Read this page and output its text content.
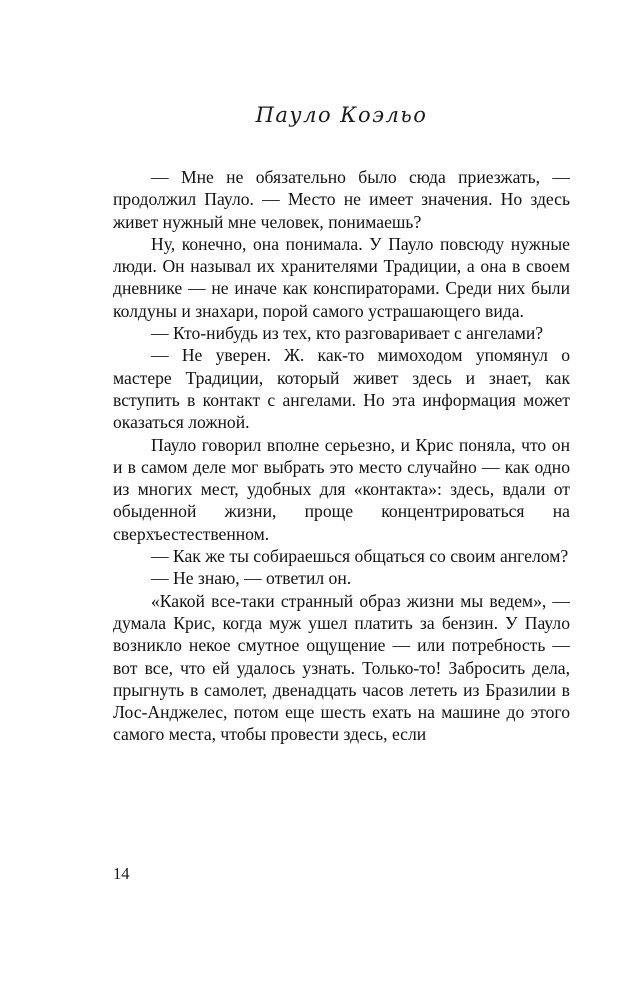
Пауло Коэльо

— Мне не обязательно было сюда приезжать, — продолжил Пауло. — Место не имеет значения. Но здесь живет нужный мне человек, понимаешь?

Ну, конечно, она понимала. У Пауло повсюду нужные люди. Он называл их хранителями Традиции, а она в своем дневнике — не иначе как конспираторами. Среди них были колдуны и знахари, порой самого устрашающего вида.

— Кто-нибудь из тех, кто разговаривает с ангелами?

— Не уверен. Ж. как-то мимоходом упомянул о мастере Традиции, который живет здесь и знает, как вступить в контакт с ангелами. Но эта информация может оказаться ложной.

Пауло говорил вполне серьезно, и Крис поняла, что он и в самом деле мог выбрать это место случайно — как одно из многих мест, удобных для «контакта»: здесь, вдали от обыденной жизни, проще концентрироваться на сверхъестественном.

— Как же ты собираешься общаться со своим ангелом?

— Не знаю, — ответил он.

«Какой все-таки странный образ жизни мы ведем», — думала Крис, когда муж ушел платить за бензин. У Пауло возникло некое смутное ощущение — или потребность — вот все, что ей удалось узнать. Только-то! Забросить дела, прыгнуть в самолет, двенадцать часов лететь из Бразилии в Лос-Анджелес, потом еще шесть ехать на машине до этого самого места, чтобы провести здесь, если

14
